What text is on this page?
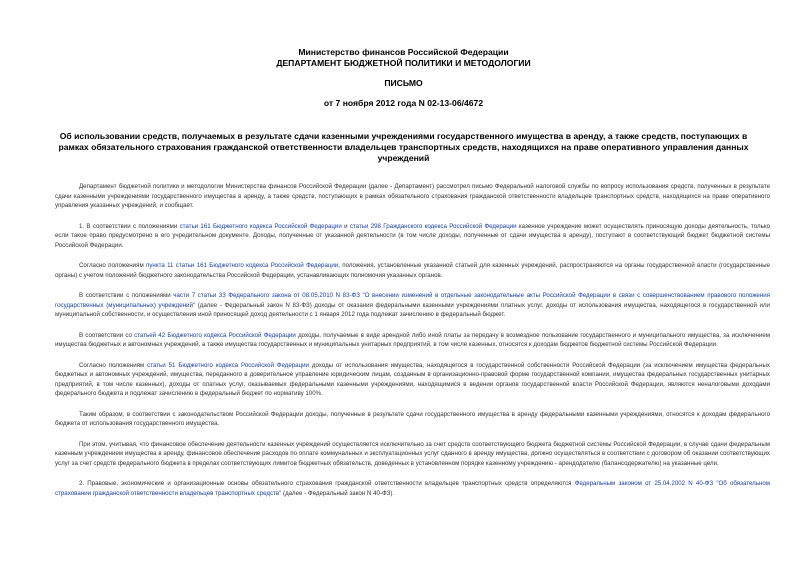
Министерство финансов Российской Федерации
ДЕПАРТАМЕНТ БЮДЖЕТНОЙ ПОЛИТИКИ И МЕТОДОЛОГИИ
ПИСЬМО
от 7 ноября 2012 года N 02-13-06/4672
Об использовании средств, получаемых в результате сдачи казенными учреждениями государственного имущества в аренду, а также средств, поступающих в рамках обязательного страхования гражданской ответственности владельцев транспортных средств, находящихся на праве оперативного управления данных учреждений

Департамент бюджетной политики и методологии Министерства финансов Российской Федерации (далее - Департамент) рассмотрел письмо Федеральной налоговой службы по вопросу использования средств, полученных в результате сдачи казенными учреждениями государственного имущества в аренду, а также средств, поступающих в рамках обязательного страхования гражданской ответственности владельцев транспортных средств, находящихся на праве оперативного управления указанных учреждений, и сообщает.

1. В соответствии с положениями статьи 161 Бюджетного кодекса Российской Федерации и статьи 298 Гражданского кодекса Российской Федерации казенное учреждение может осуществлять приносящую доходы деятельность, только если такое право предусмотрено в его учредительном документе. Доходы, полученные от указанной деятельности (в том числе доходы, полученные от сдачи имущества в аренду), поступают в соответствующий бюджет бюджетной системы Российской Федерации.

Согласно положениям пункта 11 статьи 161 Бюджетного кодекса Российской Федерации, положения, установленные указанной статьей для казенных учреждений, распространяются на органы государственной власти (государственные органы) с учетом положений бюджетного законодательства Российской Федерации, устанавливающих полномочия указанных органов.

В соответствии с положениями части 7 статьи 33 Федерального закона от 08.05.2010 N 83-ФЗ "О внесении изменений в отдельные законодательные акты Российской Федерации в связи с совершенствованием правового положения государственных (муниципальных) учреждений" (далее - Федеральный закон N 83-ФЗ) доходы от оказания федеральными казенными учреждениями платных услуг, доходы от использования имущества, находящегося в государственной или муниципальной собственности, и осуществления иной приносящей доход деятельности с 1 января 2012 года подлежат зачислению в федеральный бюджет.

В соответствии со статьей 42 Бюджетного кодекса Российской Федерации доходы, получаемые в виде арендной либо иной платы за передачу в возмездное пользование государственного и муниципального имущества, за исключением имущества бюджетных и автономных учреждений, а также имущества государственных и муниципальных унитарных предприятий, в том числе казенных, относятся к доходам бюджетов бюджетной системы Российской Федерации.

Согласно положениям статьи 51 Бюджетного кодекса Российской Федерации доходы от использования имущества, находящегося в государственной собственности Российской Федерации (за исключением имущества федеральных бюджетных и автономных учреждений, имущества, переданного в доверительное управление юридическим лицам, созданным в организационно-правовой форме государственной компании, имущества федеральных государственных унитарных предприятий, в том числе казенных), доходы от платных услуг, оказываемых федеральными казенными учреждениями, находящимися в ведении органов государственной власти Российской Федерации, являются неналоговыми доходами федерального бюджета и подлежат зачислению в федеральный бюджет по нормативу 100%.

Таким образом, в соответствии с законодательством Российской Федерации доходы, полученные в результате сдачи государственного имущества в аренду федеральными казенными учреждениями, относятся к доходам федерального бюджета от использования государственного имущества.

При этом, учитывая, что финансовое обеспечение деятельности казенных учреждений осуществляется исключительно за счет средств соответствующего бюджета бюджетной системы Российской Федерации, в случае сдачи федеральным казенным учреждением имущества в аренду, финансовое обеспечение расходов по оплате коммунальных и эксплуатационных услуг сданного в аренду имущества, должно осуществляться в соответствии с договором об оказании соответствующих услуг за счет средств федерального бюджета в пределах соответствующих лимитов бюджетных обязательств, доведенных в установленном порядке казенному учреждению - арендодателю (балансодержателю) на указанные цели.

2. Правовые, экономические и организационные основы обязательного страхования гражданской ответственности владельцев транспортных средств определяются Федеральным законом от 25.04.2002 N 40-ФЗ "Об обязательном страховании гражданской ответственности владельцев транспортных средств" (далее - Федеральный закон N 40-ФЗ).
